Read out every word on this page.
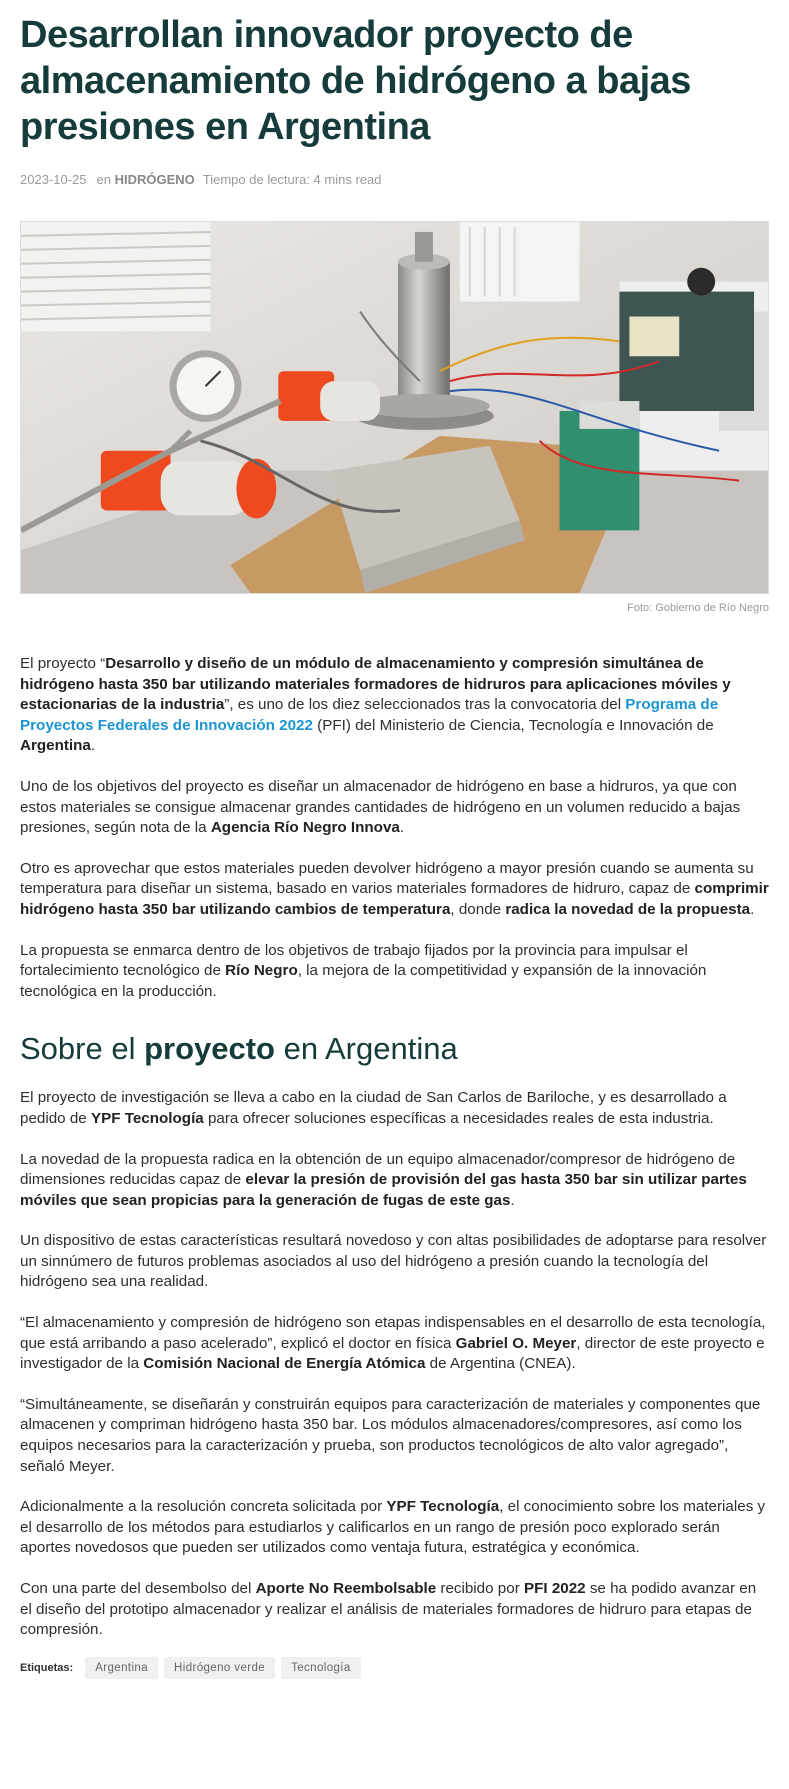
Desarrollan innovador proyecto de almacenamiento de hidrógeno a bajas presiones en Argentina
2023-10-25 en HIDRÓGENO Tiempo de lectura: 4 mins read
Foto: Gobierno de Río Negro

El proyecto “Desarrollo y diseño de un módulo de almacenamiento y compresión simultánea de hidrógeno hasta 350 bar utilizando materiales formadores de hidruros para aplicaciones móviles y estacionarias de la industria”, es uno de los diez seleccionados tras la convocatoria del Programa de Proyectos Federales de Innovación 2022 (PFI) del Ministerio de Ciencia, Tecnología e Innovación de Argentina.

Uno de los objetivos del proyecto es diseñar un almacenador de hidrógeno en base a hidruros, ya que con estos materiales se consigue almacenar grandes cantidades de hidrógeno en un volumen reducido a bajas presiones, según nota de la Agencia Río Negro Innova.

Otro es aprovechar que estos materiales pueden devolver hidrógeno a mayor presión cuando se aumenta su temperatura para diseñar un sistema, basado en varios materiales formadores de hidruro, capaz de comprimir hidrógeno hasta 350 bar utilizando cambios de temperatura, donde radica la novedad de la propuesta.

La propuesta se enmarca dentro de los objetivos de trabajo fijados por la provincia para impulsar el fortalecimiento tecnológico de Río Negro, la mejora de la competitividad y expansión de la innovación tecnológica en la producción.

Sobre el proyecto en Argentina

El proyecto de investigación se lleva a cabo en la ciudad de San Carlos de Bariloche, y es desarrollado a pedido de YPF Tecnología para ofrecer soluciones específicas a necesidades reales de esta industria.

La novedad de la propuesta radica en la obtención de un equipo almacenador/compresor de hidrógeno de dimensiones reducidas capaz de elevar la presión de provisión del gas hasta 350 bar sin utilizar partes móviles que sean propicias para la generación de fugas de este gas.

Un dispositivo de estas características resultará novedoso y con altas posibilidades de adoptarse para resolver un sinnúmero de futuros problemas asociados al uso del hidrógeno a presión cuando la tecnología del hidrógeno sea una realidad.

“El almacenamiento y compresión de hidrógeno son etapas indispensables en el desarrollo de esta tecnología, que está arribando a paso acelerado”, explicó el doctor en física Gabriel O. Meyer, director de este proyecto e investigador de la Comisión Nacional de Energía Atómica de Argentina (CNEA).

“Simultáneamente, se diseñarán y construirán equipos para caracterización de materiales y componentes que almacenen y compriman hidrógeno hasta 350 bar. Los módulos almacenadores/compresores, así como los equipos necesarios para la caracterización y prueba, son productos tecnológicos de alto valor agregado”, señaló Meyer.

Adicionalmente a la resolución concreta solicitada por YPF Tecnología, el conocimiento sobre los materiales y el desarrollo de los métodos para estudiarlos y calificarlos en un rango de presión poco explorado serán aportes novedosos que pueden ser utilizados como ventaja futura, estratégica y económica.

Con una parte del desembolso del Aporte No Reembolsable recibido por PFI 2022 se ha podido avanzar en el diseño del prototipo almacenador y realizar el análisis de materiales formadores de hidruro para etapas de compresión.

Etiquetas:	Argentina	Hidrógeno verde	Tecnología
